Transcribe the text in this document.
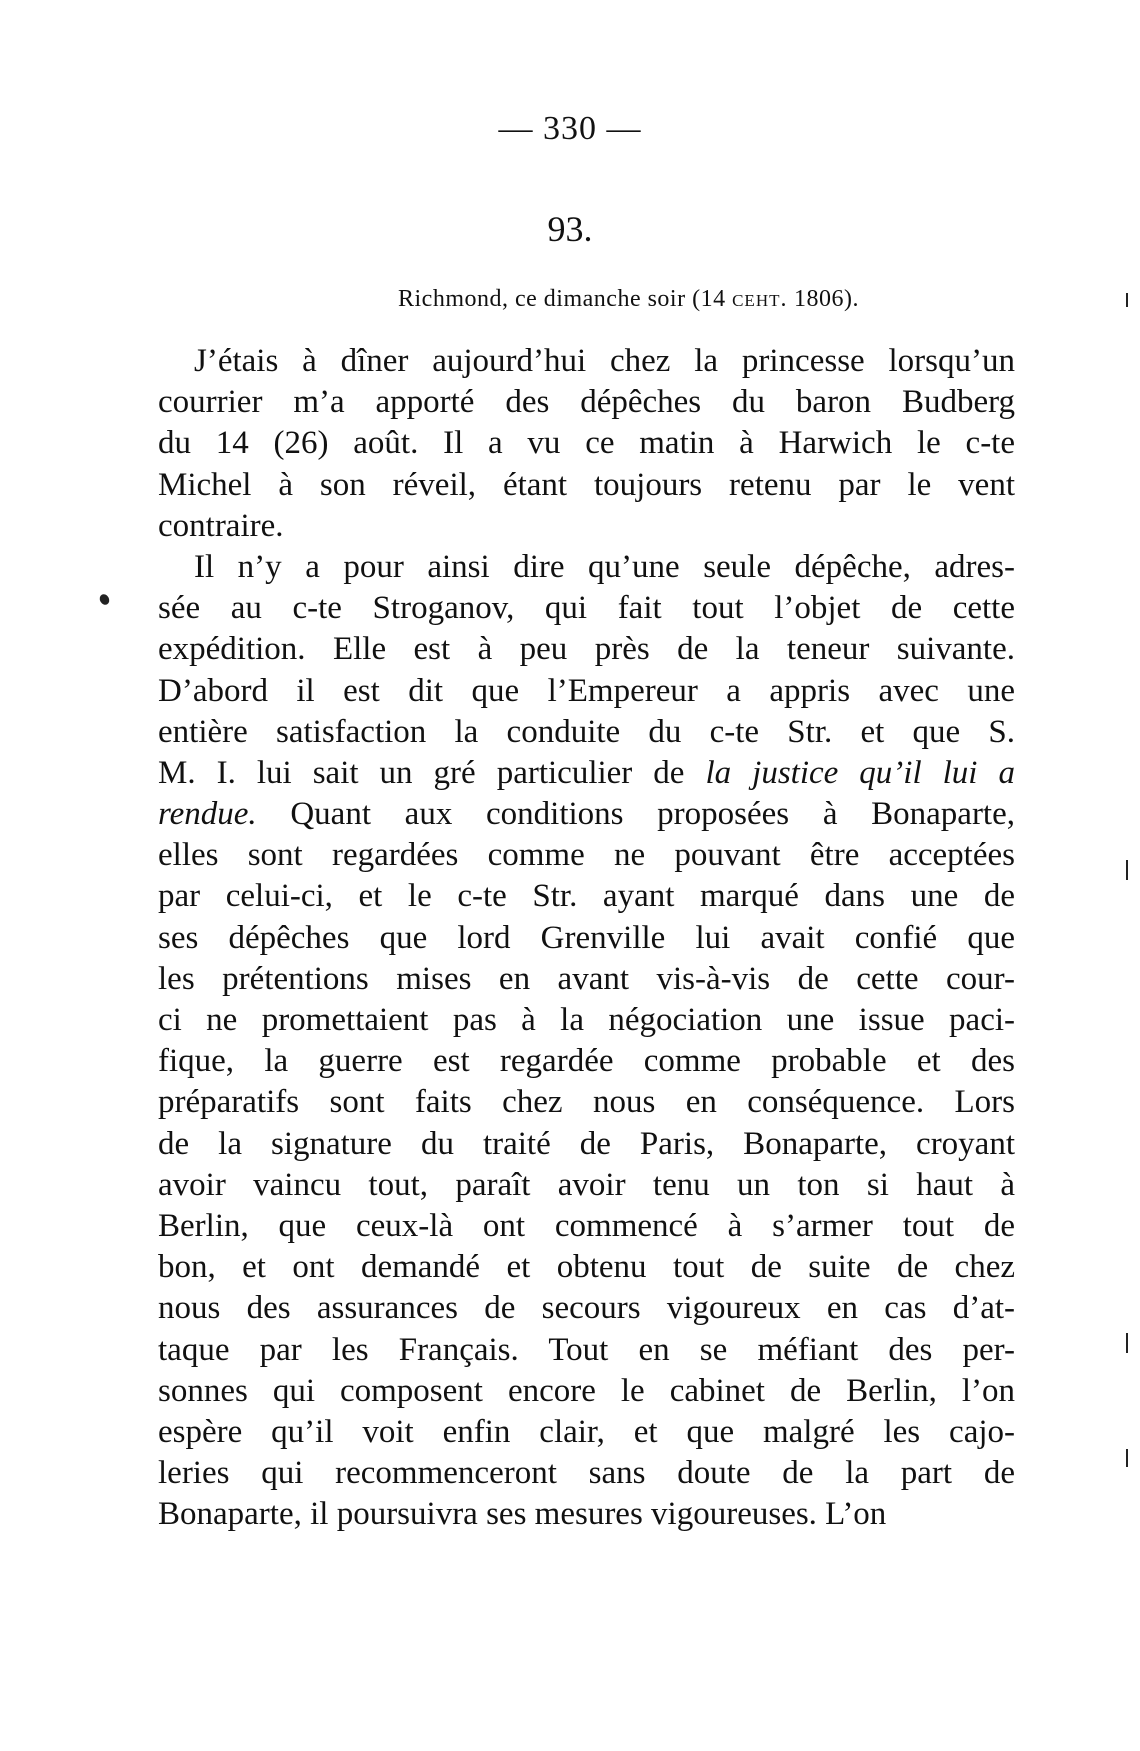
— 330 —
93.
Richmond, ce dimanche soir (14 сент. 1806).
J’étais à dîner aujourd’hui chez la princesse lorsqu’un
courrier m’a apporté des dépêches du baron Budberg
du 14 (26) août. Il a vu ce matin à Harwich le c-te
Michel à son réveil, étant toujours retenu par le vent
contraire.
Il n’y a pour ainsi dire qu’une seule dépêche, adres-
sée au c-te Stroganov, qui fait tout l’objet de cette
expédition. Elle est à peu près de la teneur suivante.
D’abord il est dit que l’Empereur a appris avec une
entière satisfaction la conduite du c-te Str. et que S.
M. I. lui sait un gré particulier de la justice qu’il lui a
rendue. Quant aux conditions proposées à Bonaparte,
elles sont regardées comme ne pouvant être acceptées
par celui-ci, et le c-te Str. ayant marqué dans une de
ses dépêches que lord Grenville lui avait confié que
les prétentions mises en avant vis-à-vis de cette cour-
ci ne promettaient pas à la négociation une issue paci-
fique, la guerre est regardée comme probable et des
préparatifs sont faits chez nous en conséquence. Lors
de la signature du traité de Paris, Bonaparte, croyant
avoir vaincu tout, paraît avoir tenu un ton si haut à
Berlin, que ceux-là ont commencé à s’armer tout de
bon, et ont demandé et obtenu tout de suite de chez
nous des assurances de secours vigoureux en cas d’at-
taque par les Français. Tout en se méfiant des per-
sonnes qui composent encore le cabinet de Berlin, l’on
espère qu’il voit enfin clair, et que malgré les cajo-
leries qui recommenceront sans doute de la part de
Bonaparte, il poursuivra ses mesures vigoureuses. L’on
